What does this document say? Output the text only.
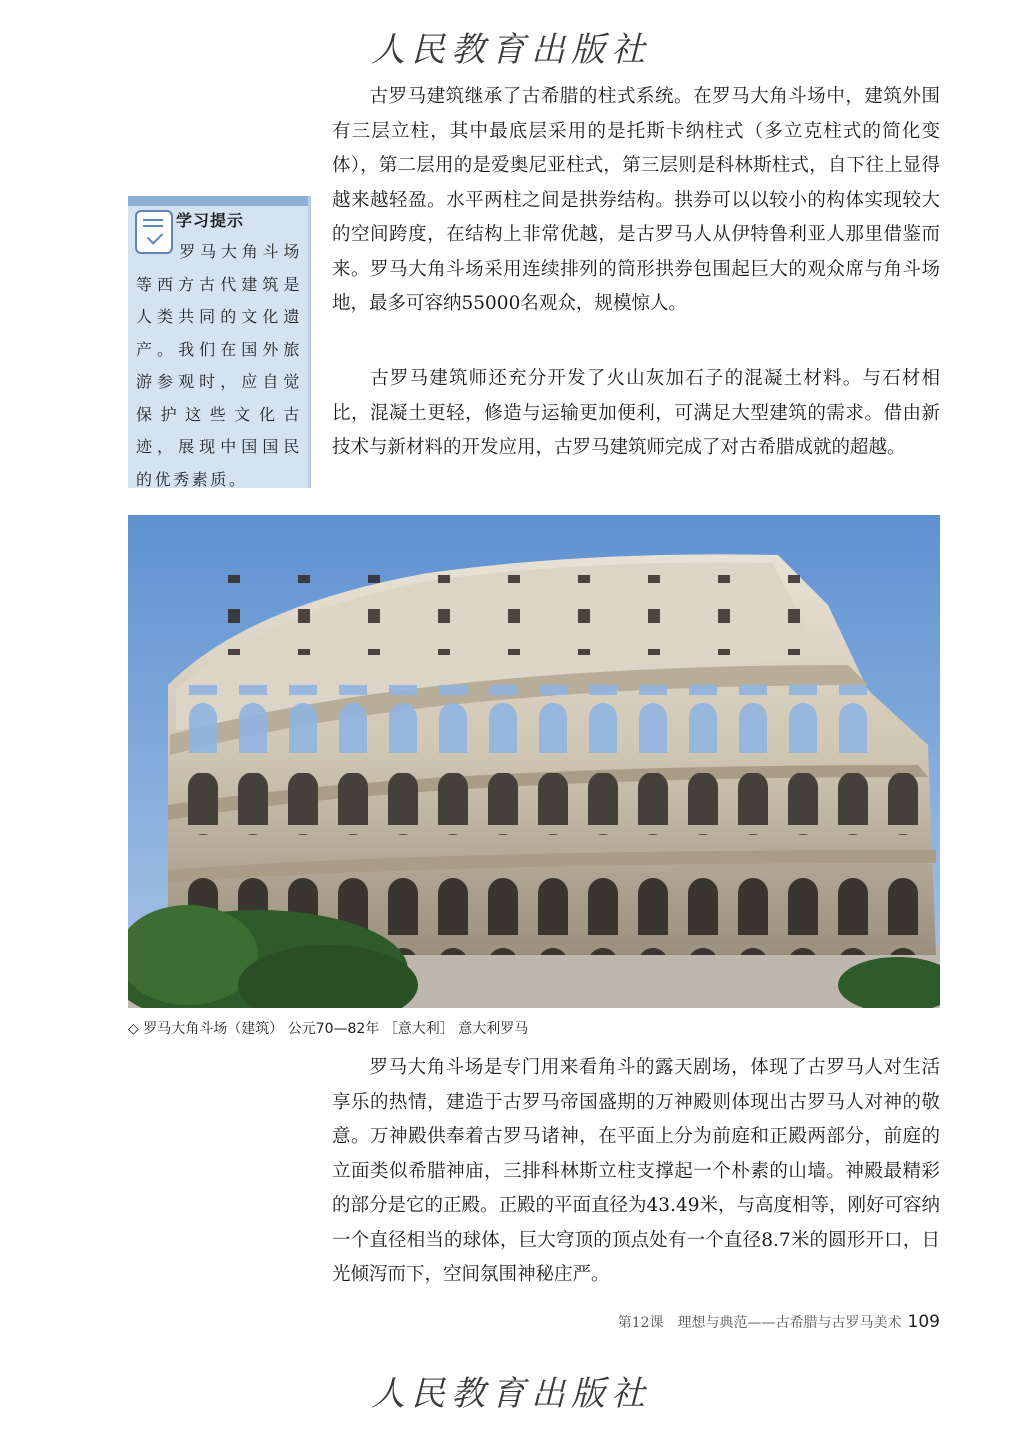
人民教育出版社

古罗马建筑继承了古希腊的柱式系统。在罗马大角斗场中，建筑外围有三层立柱，其中最底层采用的是托斯卡纳柱式（多立克柱式的简化变体），第二层用的是爱奥尼亚柱式，第三层则是科林斯柱式，自下往上显得越来越轻盈。水平两柱之间是拱券结构。拱券可以以较小的构体实现较大的空间跨度，在结构上非常优越，是古罗马人从伊特鲁利亚人那里借鉴而来。罗马大角斗场采用连续排列的筒形拱券包围起巨大的观众席与角斗场地，最多可容纳55000名观众，规模惊人。

古罗马建筑师还充分开发了火山灰加石子的混凝土材料。与石材相比，混凝土更轻，修造与运输更加便利，可满足大型建筑的需求。借由新技术与新材料的开发应用，古罗马建筑师完成了对古希腊成就的超越。

学习提示

罗马大角斗场等西方古代建筑是人类共同的文化遗产。我们在国外旅游参观时，应自觉保护这些文化古迹，展现中国国民的优秀素质。

◇ 罗马大角斗场（建筑） 公元70—82年 ［意大利］ 意大利罗马

罗马大角斗场是专门用来看角斗的露天剧场，体现了古罗马人对生活享乐的热情，建造于古罗马帝国盛期的万神殿则体现出古罗马人对神的敬意。万神殿供奉着古罗马诸神，在平面上分为前庭和正殿两部分，前庭的立面类似希腊神庙，三排科林斯立柱支撑起一个朴素的山墙。神殿最精彩的部分是它的正殿。正殿的平面直径为43.49米，与高度相等，刚好可容纳一个直径相当的球体，巨大穹顶的顶点处有一个直径8.7米的圆形开口，日光倾泻而下，空间氛围神秘庄严。

第12课　理想与典范——古希腊与古罗马美术 109
人民教育出版社
